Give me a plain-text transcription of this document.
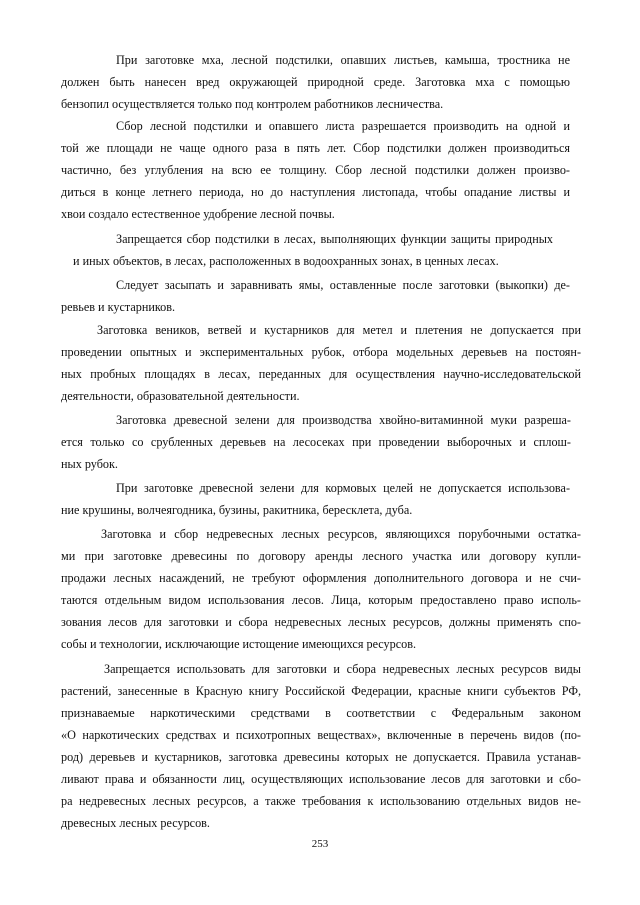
При заготовке мха, лесной подстилки, опавших листьев, камыша, тростника не
должен быть нанесен вред окружающей природной среде. Заготовка мха с помощью
бензопил осуществляется только под контролем работников лесничества.
Сбор лесной подстилки и опавшего листа разрешается производить на одной и
той же площади не чаще одного раза в пять лет. Сбор подстилки должен производиться
частично, без углубления на всю ее толщину. Сбор лесной подстилки должен произво-
диться в конце летнего периода, но до наступления листопада, чтобы опадание листвы и
хвои создало естественное удобрение лесной почвы.
Запрещается сбор подстилки в лесах, выполняющих функции защиты природных
и иных объектов, в лесах, расположенных в водоохранных зонах, в ценных лесах.
Следует засыпать и заравнивать ямы, оставленные после заготовки (выкопки) де-
ревьев и кустарников.
Заготовка веников, ветвей и кустарников для метел и плетения не допускается при
проведении опытных и экспериментальных рубок, отбора модельных деревьев на постоян-
ных пробных площадях в лесах, переданных для осуществления научно-исследовательской
деятельности, образовательной деятельности.
Заготовка древесной зелени для производства хвойно-витаминной муки разреша-
ется только со срубленных деревьев на лесосеках при проведении выборочных и сплош-
ных рубок.
При заготовке древесной зелени для кормовых целей не допускается использова-
ние крушины, волчеягодника, бузины, ракитника, бересклета, дуба.
Заготовка и сбор недревесных лесных ресурсов, являющихся порубочными остатка-
ми при заготовке древесины по договору аренды лесного участка или договору купли-
продажи лесных насаждений, не требуют оформления дополнительного договора и не счи-
таются отдельным видом использования лесов. Лица, которым предоставлено право исполь-
зования лесов для заготовки и сбора недревесных лесных ресурсов, должны применять спо-
собы и технологии, исключающие истощение имеющихся ресурсов.
Запрещается использовать для заготовки и сбора недревесных лесных ресурсов виды
растений, занесенные в Красную книгу Российской Федерации, красные книги субъектов РФ,
признаваемые наркотическими средствами в соответствии с Федеральным законом
«О наркотических средствах и психотропных веществах», включенные в перечень видов (по-
род) деревьев и кустарников, заготовка древесины которых не допускается. Правила устанав-
ливают права и обязанности лиц, осуществляющих использование лесов для заготовки и сбо-
ра недревесных лесных ресурсов, а также требования к использованию отдельных видов не-
древесных лесных ресурсов.
253
